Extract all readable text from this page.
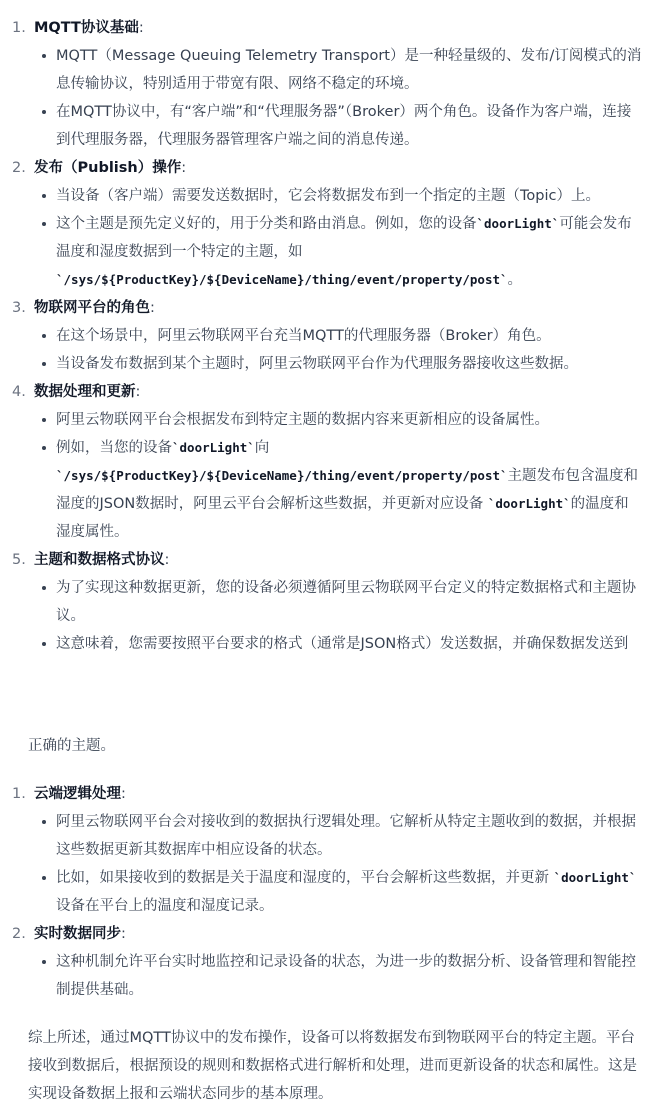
1. MQTT协议基础:
MQTT（Message Queuing Telemetry Transport）是一种轻量级的、发布/订阅模式的消息传输协议，特别适用于带宽有限、网络不稳定的环境。
在MQTT协议中，有“客户端”和“代理服务器”（Broker）两个角色。设备作为客户端，连接到代理服务器，代理服务器管理客户端之间的消息传递。
2. 发布（Publish）操作:
当设备（客户端）需要发送数据时，它会将数据发布到一个指定的主题（Topic）上。
这个主题是预先定义好的，用于分类和路由消息。例如，您的设备`doorLight`可能会发布温度和湿度数据到一个特定的主题，如 `/sys/${ProductKey}/${DeviceName}/thing/event/property/post`。
3. 物联网平台的角色:
在这个场景中，阿里云物联网平台充当MQTT的代理服务器（Broker）角色。
当设备发布数据到某个主题时，阿里云物联网平台作为代理服务器接收这些数据。
4. 数据处理和更新:
阿里云物联网平台会根据发布到特定主题的数据内容来更新相应的设备属性。
例如，当您的设备`doorLight`向 `/sys/${ProductKey}/${DeviceName}/thing/event/property/post`主题发布包含温度和湿度的JSON数据时，阿里云平台会解析这些数据，并更新对应设备 `doorLight`的温度和湿度属性。
5. 主题和数据格式协议:
为了实现这种数据更新，您的设备必须遵循阿里云物联网平台定义的特定数据格式和主题协议。
这意味着，您需要按照平台要求的格式（通常是JSON格式）发送数据，并确保数据发送到
正确的主题。
1. 云端逻辑处理:
阿里云物联网平台会对接收到的数据执行逻辑处理。它解析从特定主题收到的数据，并根据这些数据更新其数据库中相应设备的状态。
比如，如果接收到的数据是关于温度和湿度的，平台会解析这些数据，并更新 `doorLight`设备在平台上的温度和湿度记录。
2. 实时数据同步:
这种机制允许平台实时地监控和记录设备的状态，为进一步的数据分析、设备管理和智能控制提供基础。
综上所述，通过MQTT协议中的发布操作，设备可以将数据发布到物联网平台的特定主题。平台接收到数据后，根据预设的规则和数据格式进行解析和处理，进而更新设备的状态和属性。这是实现设备数据上报和云端状态同步的基本原理。
